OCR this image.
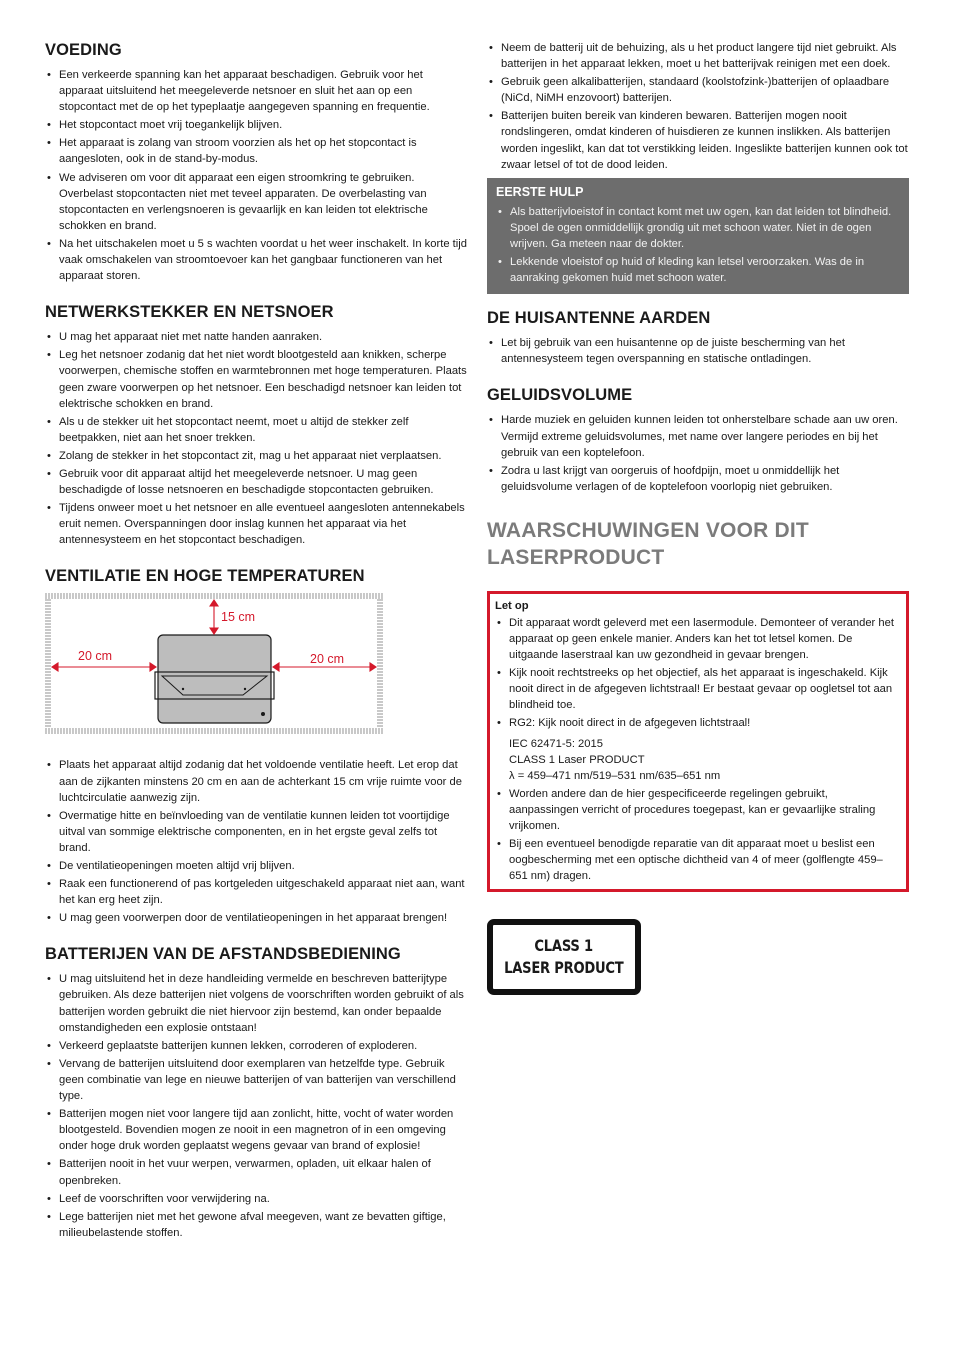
VOEDING
• Een verkeerde spanning kan het apparaat beschadigen. Gebruik voor het apparaat uitsluitend het meegeleverde netsnoer en sluit het aan op een stopcontact met de op het typeplaatje aangegeven spanning en frequentie.
• Het stopcontact moet vrij toegankelijk blijven.
• Het apparaat is zolang van stroom voorzien als het op het stopcontact is aangesloten, ook in de stand-by-modus.
• We adviseren om voor dit apparaat een eigen stroomkring te gebruiken. Overbelast stopcontacten niet met teveel apparaten. De overbelasting van stopcontacten en verlengsnoeren is gevaarlijk en kan leiden tot elektrische schokken en brand.
• Na het uitschakelen moet u 5 s wachten voordat u het weer inschakelt. In korte tijd vaak omschakelen van stroomtoevoer kan het gangbaar functioneren van het apparaat storen.
NETWERKSTEKKER EN NETSNOER
• U mag het apparaat niet met natte handen aanraken.
• Leg het netsnoer zodanig dat het niet wordt blootgesteld aan knikken, scherpe voorwerpen, chemische stoffen en warmtebronnen met hoge temperaturen. Plaats geen zware voorwerpen op het netsnoer. Een beschadigd netsnoer kan leiden tot elektrische schokken en brand.
• Als u de stekker uit het stopcontact neemt, moet u altijd de stekker zelf beetpakken, niet aan het snoer trekken.
• Zolang de stekker in het stopcontact zit, mag u het apparaat niet verplaatsen.
• Gebruik voor dit apparaat altijd het meegeleverde netsnoer. U mag geen beschadigde of losse netsnoeren en beschadigde stopcontacten gebruiken.
• Tijdens onweer moet u het netsnoer en alle eventueel aangesloten antennekabels eruit nemen. Overspanningen door inslag kunnen het apparaat via het antennesysteem en het stopcontact beschadigen.
VENTILATIE EN HOGE TEMPERATUREN
15 cm
20 cm	20 cm
• Plaats het apparaat altijd zodanig dat het voldoende ventilatie heeft. Let erop dat aan de zijkanten minstens 20 cm en aan de achterkant 15 cm vrije ruimte voor de luchtcirculatie aanwezig zijn.
• Overmatige hitte en beïnvloeding van de ventilatie kunnen leiden tot voortijdige uitval van sommige elektrische componenten, en in het ergste geval zelfs tot brand.
• De ventilatieopeningen moeten altijd vrij blijven.
• Raak een functionerend of pas kortgeleden uitgeschakeld apparaat niet aan, want het kan erg heet zijn.
• U mag geen voorwerpen door de ventilatieopeningen in het apparaat brengen!
BATTERIJEN VAN DE AFSTANDSBEDIENING
• U mag uitsluitend het in deze handleiding vermelde en beschreven batterijtype gebruiken. Als deze batterijen niet volgens de voorschriften worden gebruikt of als batterijen worden gebruikt die niet hiervoor zijn bestemd, kan onder bepaalde omstandigheden een explosie ontstaan!
• Verkeerd geplaatste batterijen kunnen lekken, corroderen of exploderen.
• Vervang de batterijen uitsluitend door exemplaren van hetzelfde type. Gebruik geen combinatie van lege en nieuwe batterijen of van batterijen van verschillend type.
• Batterijen mogen niet voor langere tijd aan zonlicht, hitte, vocht of water worden blootgesteld. Bovendien mogen ze nooit in een magnetron of in een omgeving onder hoge druk worden geplaatst wegens gevaar van brand of explosie!
• Batterijen nooit in het vuur werpen, verwarmen, opladen, uit elkaar halen of openbreken.
• Leef de voorschriften voor verwijdering na.
• Lege batterijen niet met het gewone afval meegeven, want ze bevatten giftige, milieubelastende stoffen.
• Neem de batterij uit de behuizing, als u het product langere tijd niet gebruikt. Als batterijen in het apparaat lekken, moet u het batterijvak reinigen met een doek.
• Gebruik geen alkalibatterijen, standaard (koolstofzink-)batterijen of oplaadbare (NiCd, NiMH enzovoort) batterijen.
• Batterijen buiten bereik van kinderen bewaren. Batterijen mogen nooit rondslingeren, omdat kinderen of huisdieren ze kunnen inslikken. Als batterijen worden ingeslikt, kan dat tot verstikking leiden. Ingeslikte batterijen kunnen ook tot zwaar letsel of tot de dood leiden.
EERSTE HULP
• Als batterijvloeistof in contact komt met uw ogen, kan dat leiden tot blindheid. Spoel de ogen onmiddellijk grondig uit met schoon water. Niet in de ogen wrijven. Ga meteen naar de dokter.
• Lekkende vloeistof op huid of kleding kan letsel veroorzaken. Was de in aanraking gekomen huid met schoon water.
DE HUISANTENNE AARDEN
• Let bij gebruik van een huisantenne op de juiste bescherming van het antennesysteem tegen overspanning en statische ontladingen.
GELUIDSVOLUME
• Harde muziek en geluiden kunnen leiden tot onherstelbare schade aan uw oren. Vermijd extreme geluidsvolumes, met name over langere periodes en bij het gebruik van een koptelefoon.
• Zodra u last krijgt van oorgeruis of hoofdpijn, moet u onmiddellijk het geluidsvolume verlagen of de koptelefoon voorlopig niet gebruiken.
WAARSCHUWINGEN VOOR DIT LASERPRODUCT
Let op
• Dit apparaat wordt geleverd met een lasermodule. Demonteer of verander het apparaat op geen enkele manier. Anders kan het tot letsel komen. De uitgaande laserstraal kan uw gezondheid in gevaar brengen.
• Kijk nooit rechtstreeks op het objectief, als het apparaat is ingeschakeld. Kijk nooit direct in de afgegeven lichtstraal! Er bestaat gevaar op oogletsel tot aan blindheid toe.
• RG2: Kijk nooit direct in de afgegeven lichtstraal!
IEC 62471-5: 2015
CLASS 1 Laser PRODUCT
λ = 459–471 nm/519–531 nm/635–651 nm
• Worden andere dan de hier gespecificeerde regelingen gebruikt, aanpassingen verricht of procedures toegepast, kan er gevaarlijke straling vrijkomen.
• Bij een eventueel benodigde reparatie van dit apparaat moet u beslist een oogbescherming met een optische dichtheid van 4 of meer (golflengte 459–651 nm) dragen.
CLASS 1
LASER PRODUCT
